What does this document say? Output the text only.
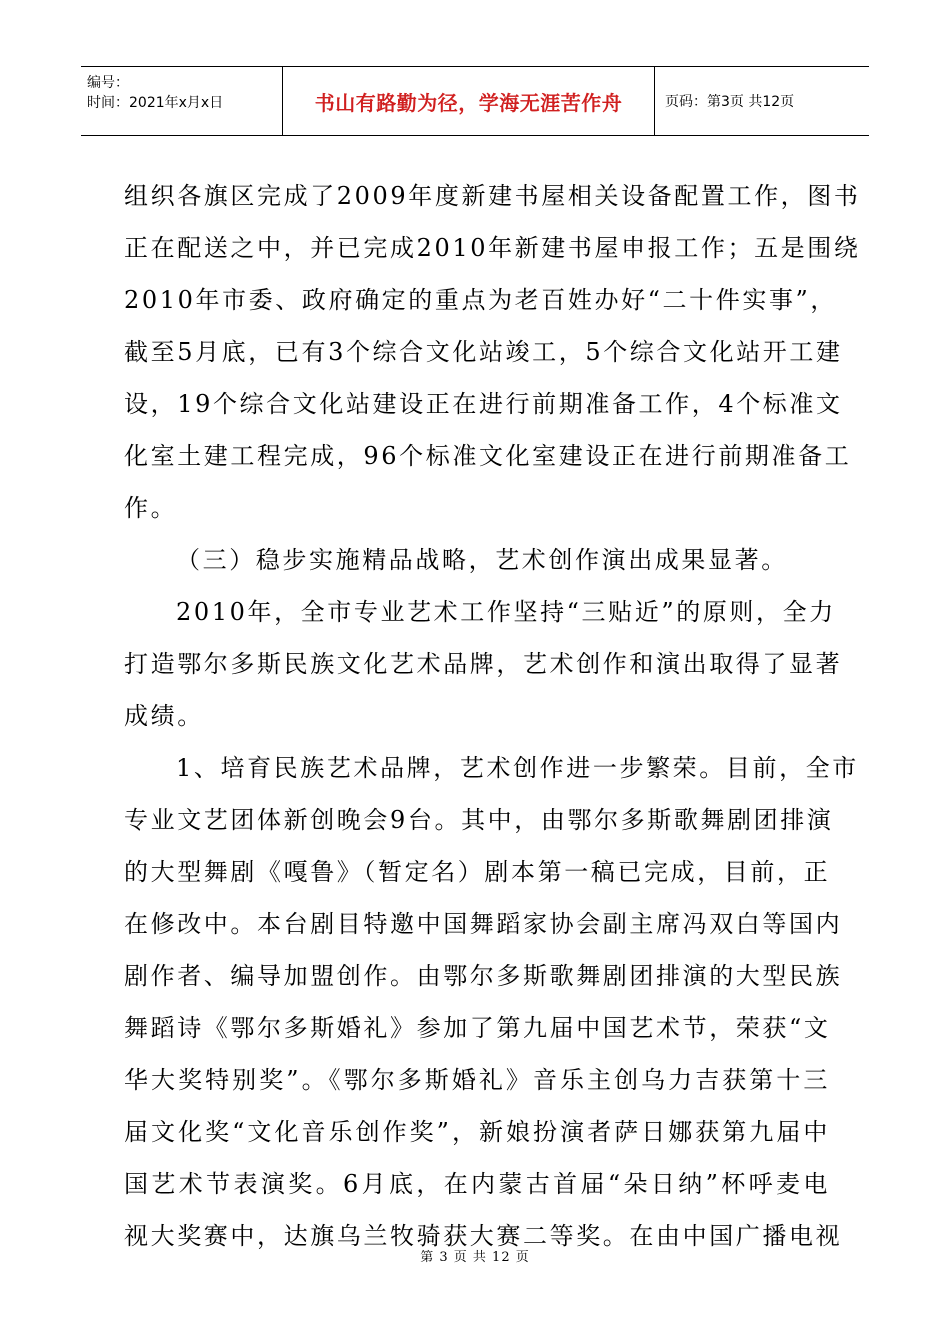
编号：
时间：2021年x月x日	书山有路勤为径，学海无涯苦作舟	页码：第3页 共12页

组织各旗区完成了2009年度新建书屋相关设备配置工作，图书
正在配送之中，并已完成2010年新建书屋申报工作；五是围绕
2010年市委、政府确定的重点为老百姓办好“二十件实事”，
截至5月底，已有3个综合文化站竣工，5个综合文化站开工建
设，19个综合文化站建设正在进行前期准备工作，4个标准文
化室土建工程完成，96个标准文化室建设正在进行前期准备工
作。

（三）稳步实施精品战略，艺术创作演出成果显著。

2010年，全市专业艺术工作坚持“三贴近”的原则，全力
打造鄂尔多斯民族文化艺术品牌，艺术创作和演出取得了显著
成绩。

1、培育民族艺术品牌，艺术创作进一步繁荣。目前，全市
专业文艺团体新创晚会9台。其中，由鄂尔多斯歌舞剧团排演
的大型舞剧《嘎鲁》（暂定名）剧本第一稿已完成，目前，正
在修改中。本台剧目特邀中国舞蹈家协会副主席冯双白等国内
剧作者、编导加盟创作。由鄂尔多斯歌舞剧团排演的大型民族
舞蹈诗《鄂尔多斯婚礼》参加了第九届中国艺术节，荣获“文
华大奖特别奖”。《鄂尔多斯婚礼》音乐主创乌力吉获第十三
届文化奖“文化音乐创作奖”，新娘扮演者萨日娜获第九届中
国艺术节表演奖。6月底，在内蒙古首届“朵日纳”杯呼麦电
视大奖赛中，达旗乌兰牧骑获大赛二等奖。在由中国广播电视

第 3 页 共 12 页
